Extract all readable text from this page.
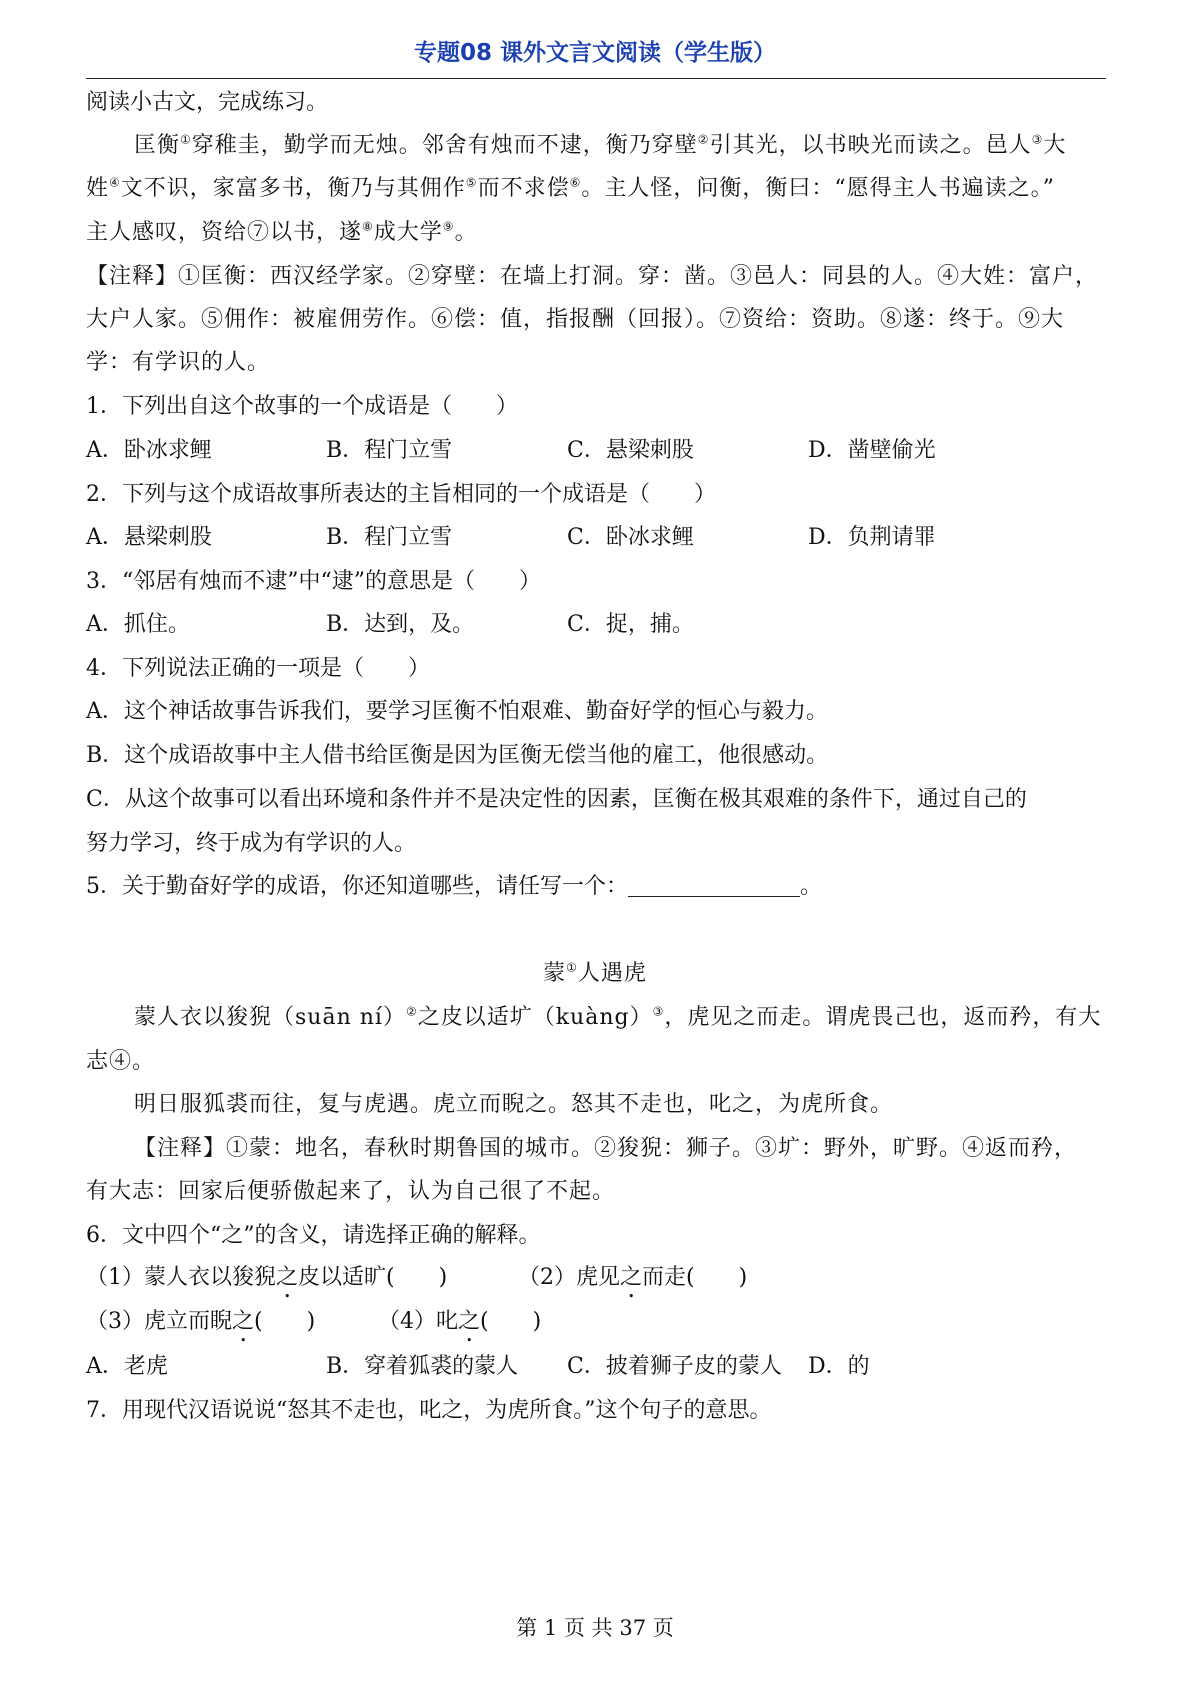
专题08 课外文言文阅读（学生版）
阅读小古文，完成练习。
匡衡①穿稚圭，勤学而无烛。邻舍有烛而不逮，衡乃穿壁②引其光，以书映光而读之。邑人③大
姓④文不识，家富多书，衡乃与其佣作⑤而不求偿⑥。主人怪，问衡，衡曰：“愿得主人书遍读之。”
主人感叹，资给⑦以书，遂⑧成大学⑨。
【注释】①匡衡：西汉经学家。②穿壁：在墙上打洞。穿：凿。③邑人：同县的人。④大姓：富户，
大户人家。⑤佣作：被雇佣劳作。⑥偿：值，指报酬（回报）。⑦资给：资助。⑧遂：终于。⑨大
学：有学识的人。
1．下列出自这个故事的一个成语是（　　）
A．卧冰求鲤	B．程门立雪	C．悬梁刺股	D．凿壁偷光
2．下列与这个成语故事所表达的主旨相同的一个成语是（　　）
A．悬梁刺股	B．程门立雪	C．卧冰求鲤	D．负荆请罪
3．“邻居有烛而不逮”中“逮”的意思是（　　）
A．抓住。	B．达到，及。	C．捉，捕。
4．下列说法正确的一项是（　　）
A．这个神话故事告诉我们，要学习匡衡不怕艰难、勤奋好学的恒心与毅力。
B．这个成语故事中主人借书给匡衡是因为匡衡无偿当他的雇工，他很感动。
C．从这个故事可以看出环境和条件并不是决定性的因素，匡衡在极其艰难的条件下，通过自己的
努力学习，终于成为有学识的人。
5．关于勤奋好学的成语，你还知道哪些，请任写一个：	。
蒙①人遇虎
蒙人衣以狻猊（suān ní）②之皮以适圹（kuàng）③，虎见之而走。谓虎畏己也，返而矜，有大
志④。
明日服狐裘而往，复与虎遇。虎立而睨之。怒其不走也，叱之，为虎所食。
【注释】①蒙：地名，春秋时期鲁国的城市。②狻猊：狮子。③圹：野外，旷野。④返而矜，
有大志：回家后便骄傲起来了，认为自己很了不起。
6．文中四个“之”的含义，请选择正确的解释。
（1）蒙人衣以狻猊之皮以适旷(　　)	（2）虎见之而走(　　)
（3）虎立而睨之(　　)	（4）叱之(　　)
A．老虎	B．穿着狐裘的蒙人 C．披着狮子皮的蒙人 D．的
7．用现代汉语说说“怒其不走也，叱之，为虎所食。”这个句子的意思。
第 1 页 共 37 页
